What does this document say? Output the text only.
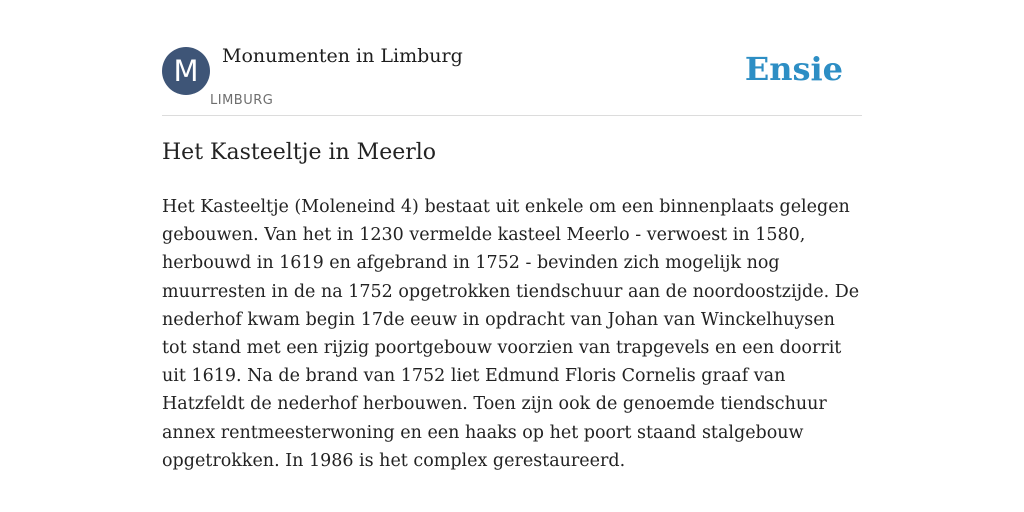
M	Monumenten in Limburg
LIMBURG
Ensie
Het Kasteeltje in Meerlo

Het Kasteeltje (Moleneind 4) bestaat uit enkele om een binnenplaats gelegen gebouwen. Van het in 1230 vermelde kasteel Meerlo - verwoest in 1580, herbouwd in 1619 en afgebrand in 1752 - bevinden zich mogelijk nog muurresten in de na 1752 opgetrokken tiendschuur aan de noordoostzijde. De nederhof kwam begin 17de eeuw in opdracht van Johan van Winckelhuysen tot stand met een rijzig poortgebouw voorzien van trapgevels en een doorrit uit 1619. Na de brand van 1752 liet Edmund Floris Cornelis graaf van Hatzfeldt de nederhof herbouwen. Toen zijn ook de genoemde tiendschuur annex rentmeesterwoning en een haaks op het poort staand stalgebouw opgetrokken. In 1986 is het complex gerestaureerd.
